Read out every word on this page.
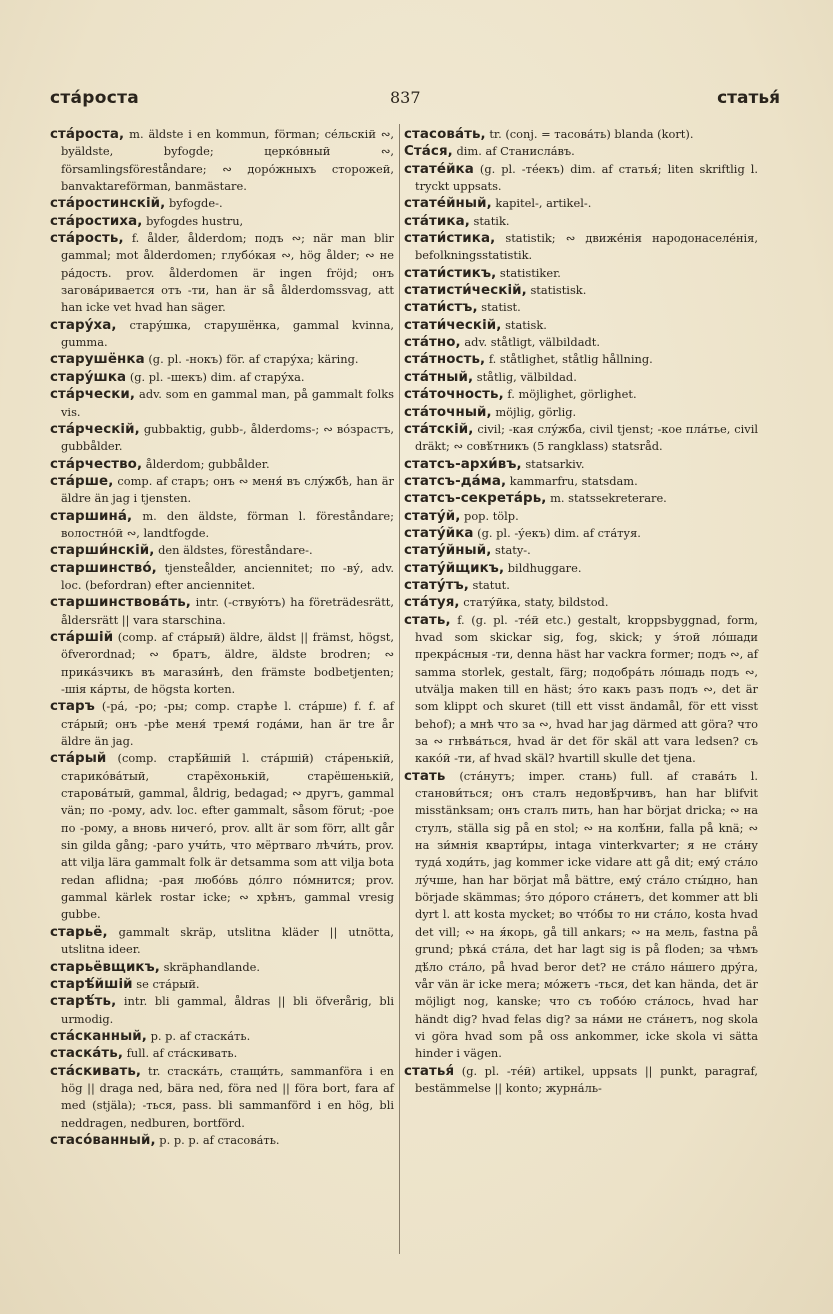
ста́роста	837	статья́

ста́роста, m. äldste i en kommun, förman; се́льскій ∾, byäldste, byfogde; церко́вный ∾, församlingsföreståndare; ∾ доро́жныхъ сторожей, banvaktareförman, banmästare.

ста́ростинскій, byfogde-.

ста́ростиха, byfogdes hustru,

ста́рость, f. ålder, ålderdom; подъ ∾; när man blir gammal; mot ålderdomen; глубо́кая ∾, hög ålder; ∾ не ра́дость. prov. ålderdomen är ingen fröjd; онъ загова́ривается отъ -ти, han är så ålderdomssvag, att han icke vet hvad han säger.

стару́ха, стару́шка, старушёнка, gammal kvinna, gumma.

старушёнка (g. pl. -нокъ) för. af стару́ха; käring.

стару́шка (g. pl. -шекъ) dim. af стару́ха.

ста́рчески, adv. som en gammal man, på gammalt folks vis.

ста́рческій, gubbaktig, gubb-, ålderdoms-; ∾ во́зрастъ, gubbålder.

ста́рчество, ålderdom; gubbålder.

ста́рше, comp. af старъ; онъ ∾ меня́ въ слу́жбѣ, han är äldre än jag i tjensten.

старшина́, m. den äldste, förman l. föreståndare; волостно́й ∾, landtfogde.

старши́нскій, den äldstes, föreståndare-.

старшинство́, tjensteålder, anciennitet; по -ву́, adv. loc. (befordran) efter anciennitet.

старшинствова́ть, intr. (-ствую́тъ) ha företrädesrätt, åldersrätt || vara starschina.

ста́ршій (comp. af ста́рый) äldre, äldst || främst, högst, öfverordnad; ∾ братъ, äldre, äldste brodren; ∾ прика́зчикъ въ магази́нѣ, den främste bodbetjenten; -шія ка́рты, de högsta korten.

старъ (-ра́, -ро; -ры; comp. старѣе l. ста́рше) f. f. af ста́рый; онъ -рѣе меня́ тремя́ года́ми, han är tre år äldre än jag.

ста́рый (comp. старѣ́йшій l. ста́ршій) ста́ренькій, старико́ва́тый, старёхонькій, старёшенькій, старова́тый, gammal, åldrig, bedagad; ∾ другъ, gammal vän; по -рому, adv. loc. efter gammalt, såsom förut; -рое по -рому, а вновь ничего́, prov. allt är som förr, allt går sin gilda gång; -раго учи́ть, что мёртваго лѣчи́ть, prov. att vilja lära gammalt folk är detsamma som att vilja bota redan aflidna; -рая любо́вь до́лго по́мнится; prov. gammal kärlek rostar icke; ∾ хрѣнъ, gammal vresig gubbe.

старьё, gammalt skräp, utslitna kläder || utnötta, utslitna ideer.

старьёвщикъ, skräphandlande.

старѣ́йшій se ста́рый.

старѣ́ть, intr. bli gammal, åldras || bli öfverårig, bli urmodig.

ста́сканный, p. p. af стаска́ть.

стаска́ть, full. af ста́скивать.

ста́скивать, tr. стаска́ть, стащи́ть, sammanföra i en hög || draga ned, bära ned, föra ned || föra bort, fara af med (stjäla); -ться, pass. bli sammanförd i en hög, bli neddragen, nedburen, bortförd.

стасо́ванный, p. p. p. af стасова́ть.

стасова́ть, tr. (conj. = тасова́ть) blanda (kort).

Ста́ся, dim. af Станисла́въ.

статéйка (g. pl. -тéекъ) dim. af статья́; liten skriftlig l. tryckt uppsats.

статéйный, kapitel-, artikel-.

ста́тика, statik.

стати́стика, statistik; ∾ движе́нія народонаселе́нія, befolkningsstatistik.

стати́стикъ, statistiker.

статисти́ческій, statistisk.

стати́стъ, statist.

стати́ческій, statisk.

ста́тно, adv. ståtligt, välbildadt.

ста́тность, f. ståtlighet, ståtlig hållning.

ста́тный, ståtlig, välbildad.

ста́точность, f. möjlighet, görlighet.

ста́точный, möjlig, görlig.

ста́тскій, civil; -кая слу́жба, civil tjenst; -кое пла́тье, civil dräkt; ∾ совѣ́тникъ (5 rangklass) statsråd.

статсъ-архи́въ, statsarkiv.

статсъ-да́ма, kammarfru, statsdam.

статсъ-секрета́рь, m. statssekreterare.

стату́й, pop. tölp.

стату́йка (g. pl. -у́екъ) dim. af ста́туя.

стату́йный, staty-.

стату́йщикъ, bildhuggare.

стату́тъ, statut.

ста́туя, стату́йка, staty, bildstod.

стать, f. (g. pl. -тéй etc.) gestalt, kroppsbyggnad, form, hvad som skickar sig, fog, skick; у э́той ло́шади прекра́сныя -ти, denna häst har vackra former; подъ ∾, af samma storlek, gestalt, färg; подобра́ть ло́шадь подъ ∾, utvälja maken till en häst; э́то какъ разъ подъ ∾, det är som klippt och skuret (till ett visst ändamål, för ett visst behof); а мнѣ что за ∾, hvad har jag därmed att göra? что за ∾ гнѣва́ться, hvad är det för skäl att vara ledsen? съ како́й -ти, af hvad skäl? hvartill skulle det tjena.

стать (ста́нутъ; imper. стань) full. af става́ть l. станови́ться; онъ сталъ недовѣ́рчивъ, han har blifvit misstänksam; онъ сталъ пить, han har börjat dricka; ∾ на стулъ, ställa sig på en stol; ∾ на колѣ́ни, falla på knä; ∾ на зи́мнія кварти́ры, intaga vinterkvarter; я не ста́ну туда́ ходи́ть, jag kommer icke vidare att gå dit; ему́ ста́ло лу́чше, han har börjat må bättre, ему́ ста́ло сты́дно, han började skämmas; э́то до́рого ста́нетъ, det kommer att bli dyrt l. att kosta mycket; во что́бы то ни ста́ло, kosta hvad det vill; ∾ на я́корь, gå till ankars; ∾ на мель, fastna på grund; рѣка́ ста́ла, det har lagt sig is på floden; за чѣмъ дѣ́ло ста́ло, på hvad beror det? не ста́ло на́шего дру́га, vår vän är icke mera; мо́жетъ -ться, det kan hända, det är möjligt nog, kanske; что съ тобо́ю ста́лось, hvad har händt dig? hvad felas dig? за на́ми не ста́нетъ, nog skola vi göra hvad som på oss ankommer, icke skola vi sätta hinder i vägen.

статья́ (g. pl. -тéй) artikel, uppsats || punkt, paragraf, bestämmelse || konto; журна́ль-
